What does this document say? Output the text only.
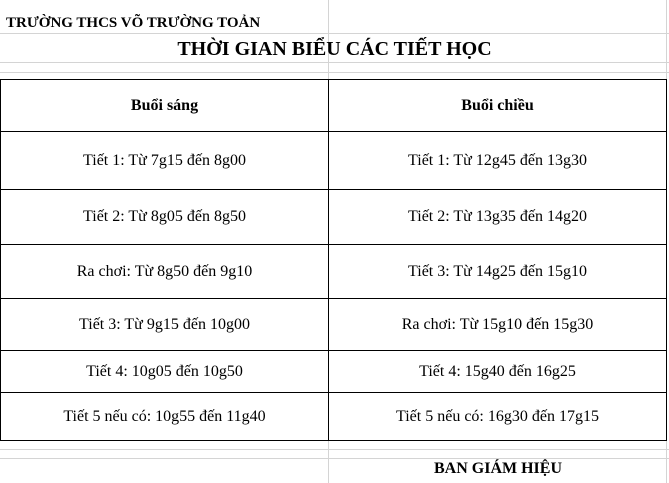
TRƯỜNG THCS VÕ TRƯỜNG TOẢN
THỜI GIAN BIỂU CÁC TIẾT HỌC
Buổi sáng	Buổi chiều
Tiết 1: Từ 7g15 đến 8g00	Tiết 1: Từ 12g45 đến 13g30
Tiết 2: Từ 8g05 đến 8g50	Tiết 2: Từ 13g35 đến 14g20
Ra chơi: Từ 8g50 đến 9g10	Tiết 3: Từ 14g25 đến 15g10
Tiết 3: Từ 9g15 đến 10g00	Ra chơi: Từ 15g10 đến 15g30
Tiết 4: 10g05 đến 10g50	Tiết 4: 15g40 đến 16g25
Tiết 5 nếu có: 10g55 đến 11g40	Tiết 5 nếu có: 16g30 đến 17g15
BAN GIÁM HIỆU
